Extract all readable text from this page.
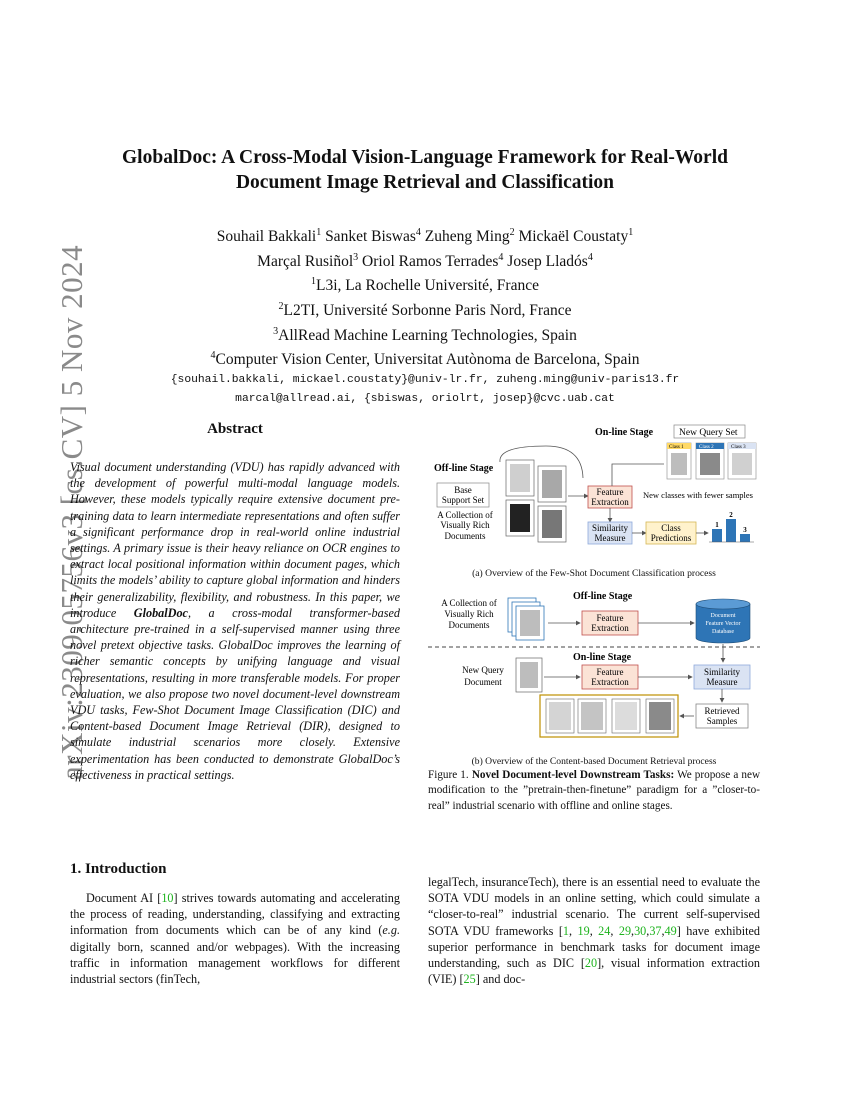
arXiv:2309.05756v3 [cs.CV] 5 Nov 2024
GlobalDoc: A Cross-Modal Vision-Language Framework for Real-World
Document Image Retrieval and Classification
Souhail Bakkali$^1$ Sanket Biswas$^4$ Zuheng Ming$^2$ Mickaël Coustaty$^1$
Marçal Rusiñol$^3$ Oriol Ramos Terrades$^4$ Josep Lladós$^4$
$^1$L3i, La Rochelle Université, France
$^2$L2TI, Université Sorbonne Paris Nord, France
$^3$AllRead Machine Learning Technologies, Spain
$^4$Computer Vision Center, Universitat Autònoma de Barcelona, Spain
{souhail.bakkali, mickael.coustaty}@univ-lr.fr, zuheng.ming@univ-paris13.fr
marcal@allread.ai, {sbiswas, oriolrt, josep}@cvc.uab.cat
Abstract
Visual document understanding (VDU) has rapidly advanced with the development of powerful multi-modal language models. However, these models typically require extensive document pre-training data to learn intermediate representations and often suffer a significant performance drop in real-world online industrial settings. A primary issue is their heavy reliance on OCR engines to extract local positional information within document pages, which limits the models’ ability to capture global information and hinders their generalizability, flexibility, and robustness. In this paper, we introduce GlobalDoc, a cross-modal transformer-based architecture pre-trained in a self-supervised manner using three novel pretext objective tasks. GlobalDoc improves the learning of richer semantic concepts by unifying language and visual representations, resulting in more transferable models. For proper evaluation, we also propose two novel document-level downstream VDU tasks, Few-Shot Document Image Classification (DIC) and Content-based Document Image Retrieval (DIR), designed to simulate industrial scenarios more closely. Extensive experimentation has been conducted to demonstrate GlobalDoc’s effectiveness in practical settings.
1. Introduction
Document AI [10] strives towards automating and accelerating the process of reading, understanding, classifying and extracting information from documents which can be of any kind (e.g. digitally born, scanned and/or webpages). With the increasing traffic in information management workflows for different industrial sectors (finTech,
legalTech, insuranceTech), there is an essential need to evaluate the SOTA VDU models in an online setting, which could simulate a “closer-to-real” industrial scenario. The current self-supervised SOTA VDU frameworks [1, 19, 24, 29,30,37,49] have exhibited superior performance in benchmark tasks for document image understanding, such as DIC [20], visual information extraction (VIE) [25] and doc-
On-line Stage	New Query Set
Class 1	Class 2	Class 3
Off-line Stage
Base
Support Set
A Collection of
Visually Rich
Documents
Feature
Extraction
New classes with fewer samples
Similarity
Measure
Class
Predictions
1
2
3
Off-line Stage
A Collection of
Visually Rich
Documents
Feature
Extraction
Document
Feature Vector
Database
On-line Stage
New Query
Document
Feature
Extraction
Similarity
Measure
Retrieved
Samples
(a) Overview of the Few-Shot Document Classification process
(b) Overview of the Content-based Document Retrieval process
Figure 1. Novel Document-level Downstream Tasks: We propose a new modification to the ”pretrain-then-finetune” paradigm for a ”closer-to-real” industrial scenario with offline and online stages.
